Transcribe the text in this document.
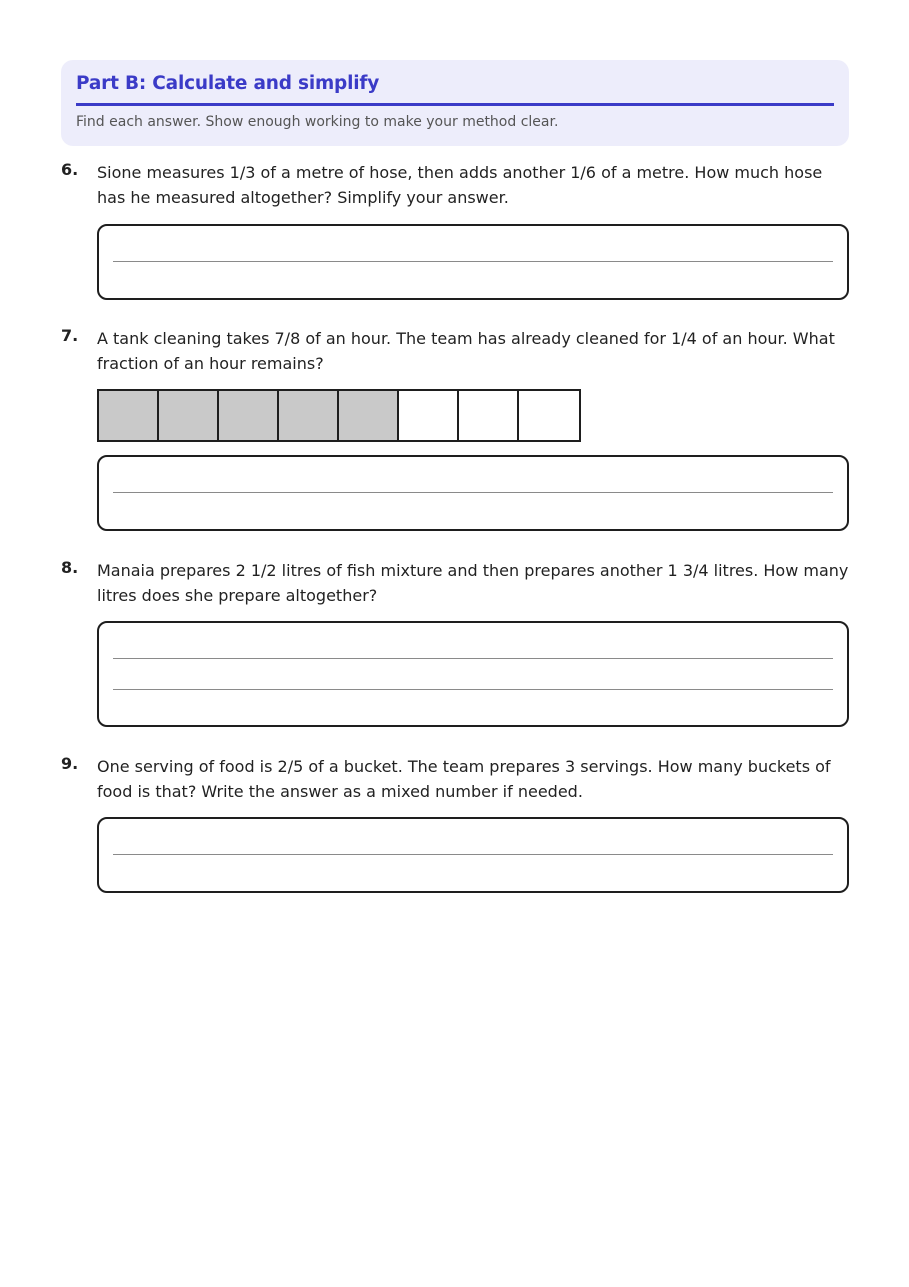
Part B: Calculate and simplify
Find each answer. Show enough working to make your method clear.
6. Sione measures 1/3 of a metre of hose, then adds another 1/6 of a metre. How much hose has he measured altogether? Simplify your answer.
7. A tank cleaning takes 7/8 of an hour. The team has already cleaned for 1/4 of an hour. What fraction of an hour remains?
8. Manaia prepares 2 1/2 litres of fish mixture and then prepares another 1 3/4 litres. How many litres does she prepare altogether?
9. One serving of food is 2/5 of a bucket. The team prepares 3 servings. How many buckets of food is that? Write the answer as a mixed number if needed.
